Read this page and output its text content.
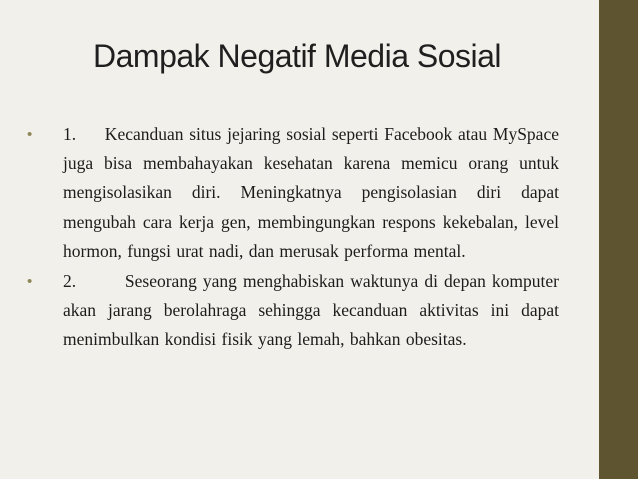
Dampak Negatif Media Sosial
• 1.     Kecanduan situs jejaring sosial seperti Facebook atau MySpace juga bisa membahayakan kesehatan karena memicu orang untuk mengisolasikan diri. Meningkatnya pengisolasian diri dapat mengubah cara kerja gen, membingungkan respons kekebalan, level hormon, fungsi urat nadi, dan merusak performa mental.
• 2.        Seseorang yang menghabiskan waktunya di depan komputer akan jarang berolahraga sehingga kecanduan aktivitas ini dapat menimbulkan kondisi fisik yang lemah, bahkan obesitas.
